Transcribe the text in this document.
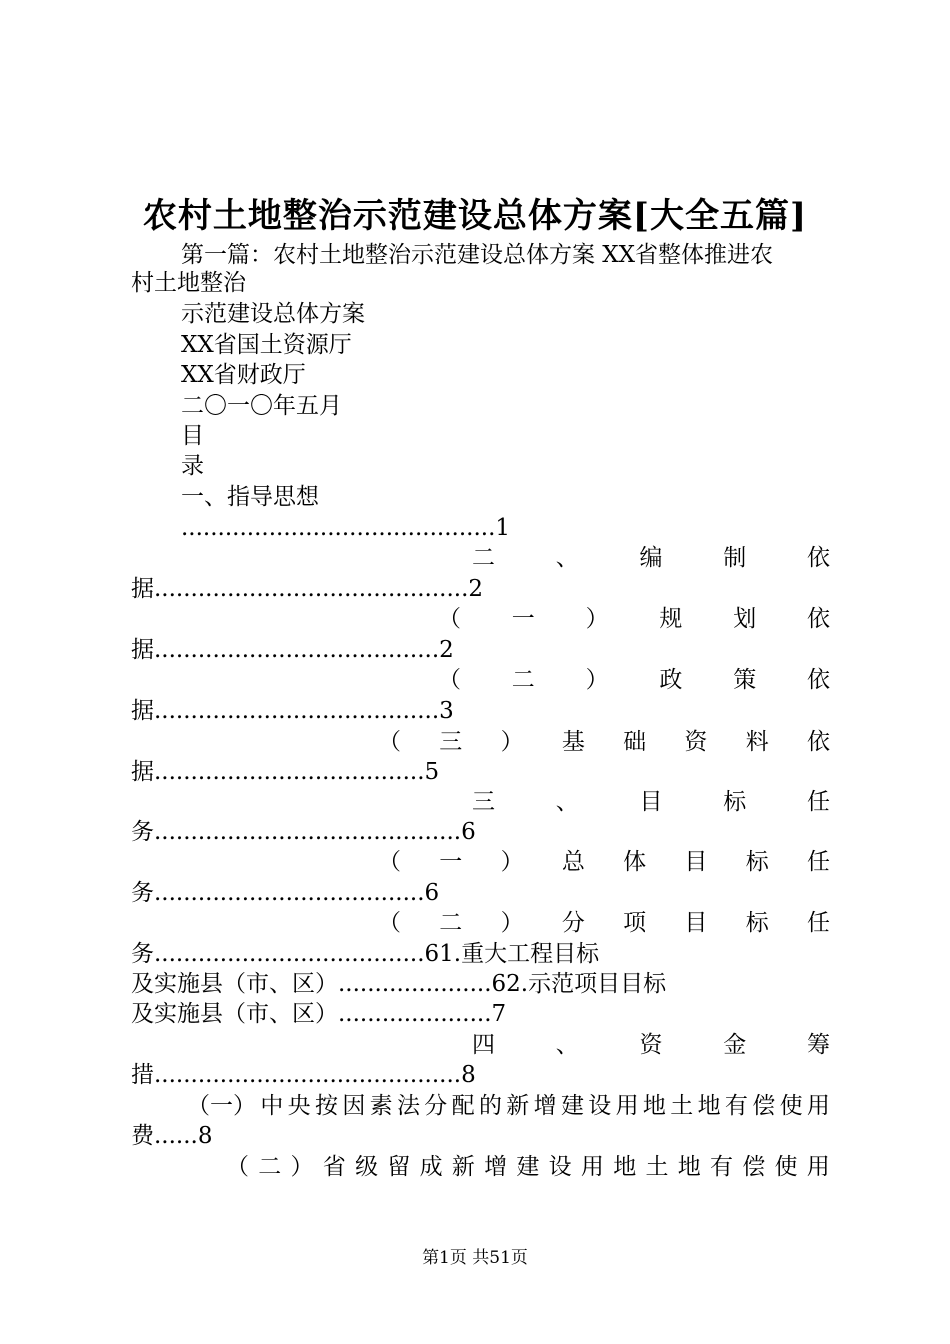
农村土地整治示范建设总体方案[大全五篇]
第一篇：农村土地整治示范建设总体方案 XX省整体推进农
村土地整治
示范建设总体方案
XX省国土资源厅
XX省财政厅
二〇一〇年五月
目
录
一、指导思想
...........................................1
二	、	编	制	依
据...........................................2
（ 一 ） 规 划 依
据.......................................2
（ 二 ） 政 策 依
据.......................................3
（ 三 ） 基 础 资 料 依
据.....................................5
三	、	目	标	任
务..........................................6
（ 一 ） 总 体 目 标 任
务.....................................6
（ 二 ） 分 项 目 标 任
务.....................................61.重大工程目标
及实施县（市、区）.....................62.示范项目目标
及实施县（市、区）.....................7
四	、	资	金	筹
措..........................................8
（一） 中 央 按 因 素 法 分 配 的 新 增 建 设 用 地 土 地 有 偿 使 用
费......8
（ 二 ） 省 级 留 成 新 增 建 设 用 地 土 地 有 偿 使 用
第1页 共51页
